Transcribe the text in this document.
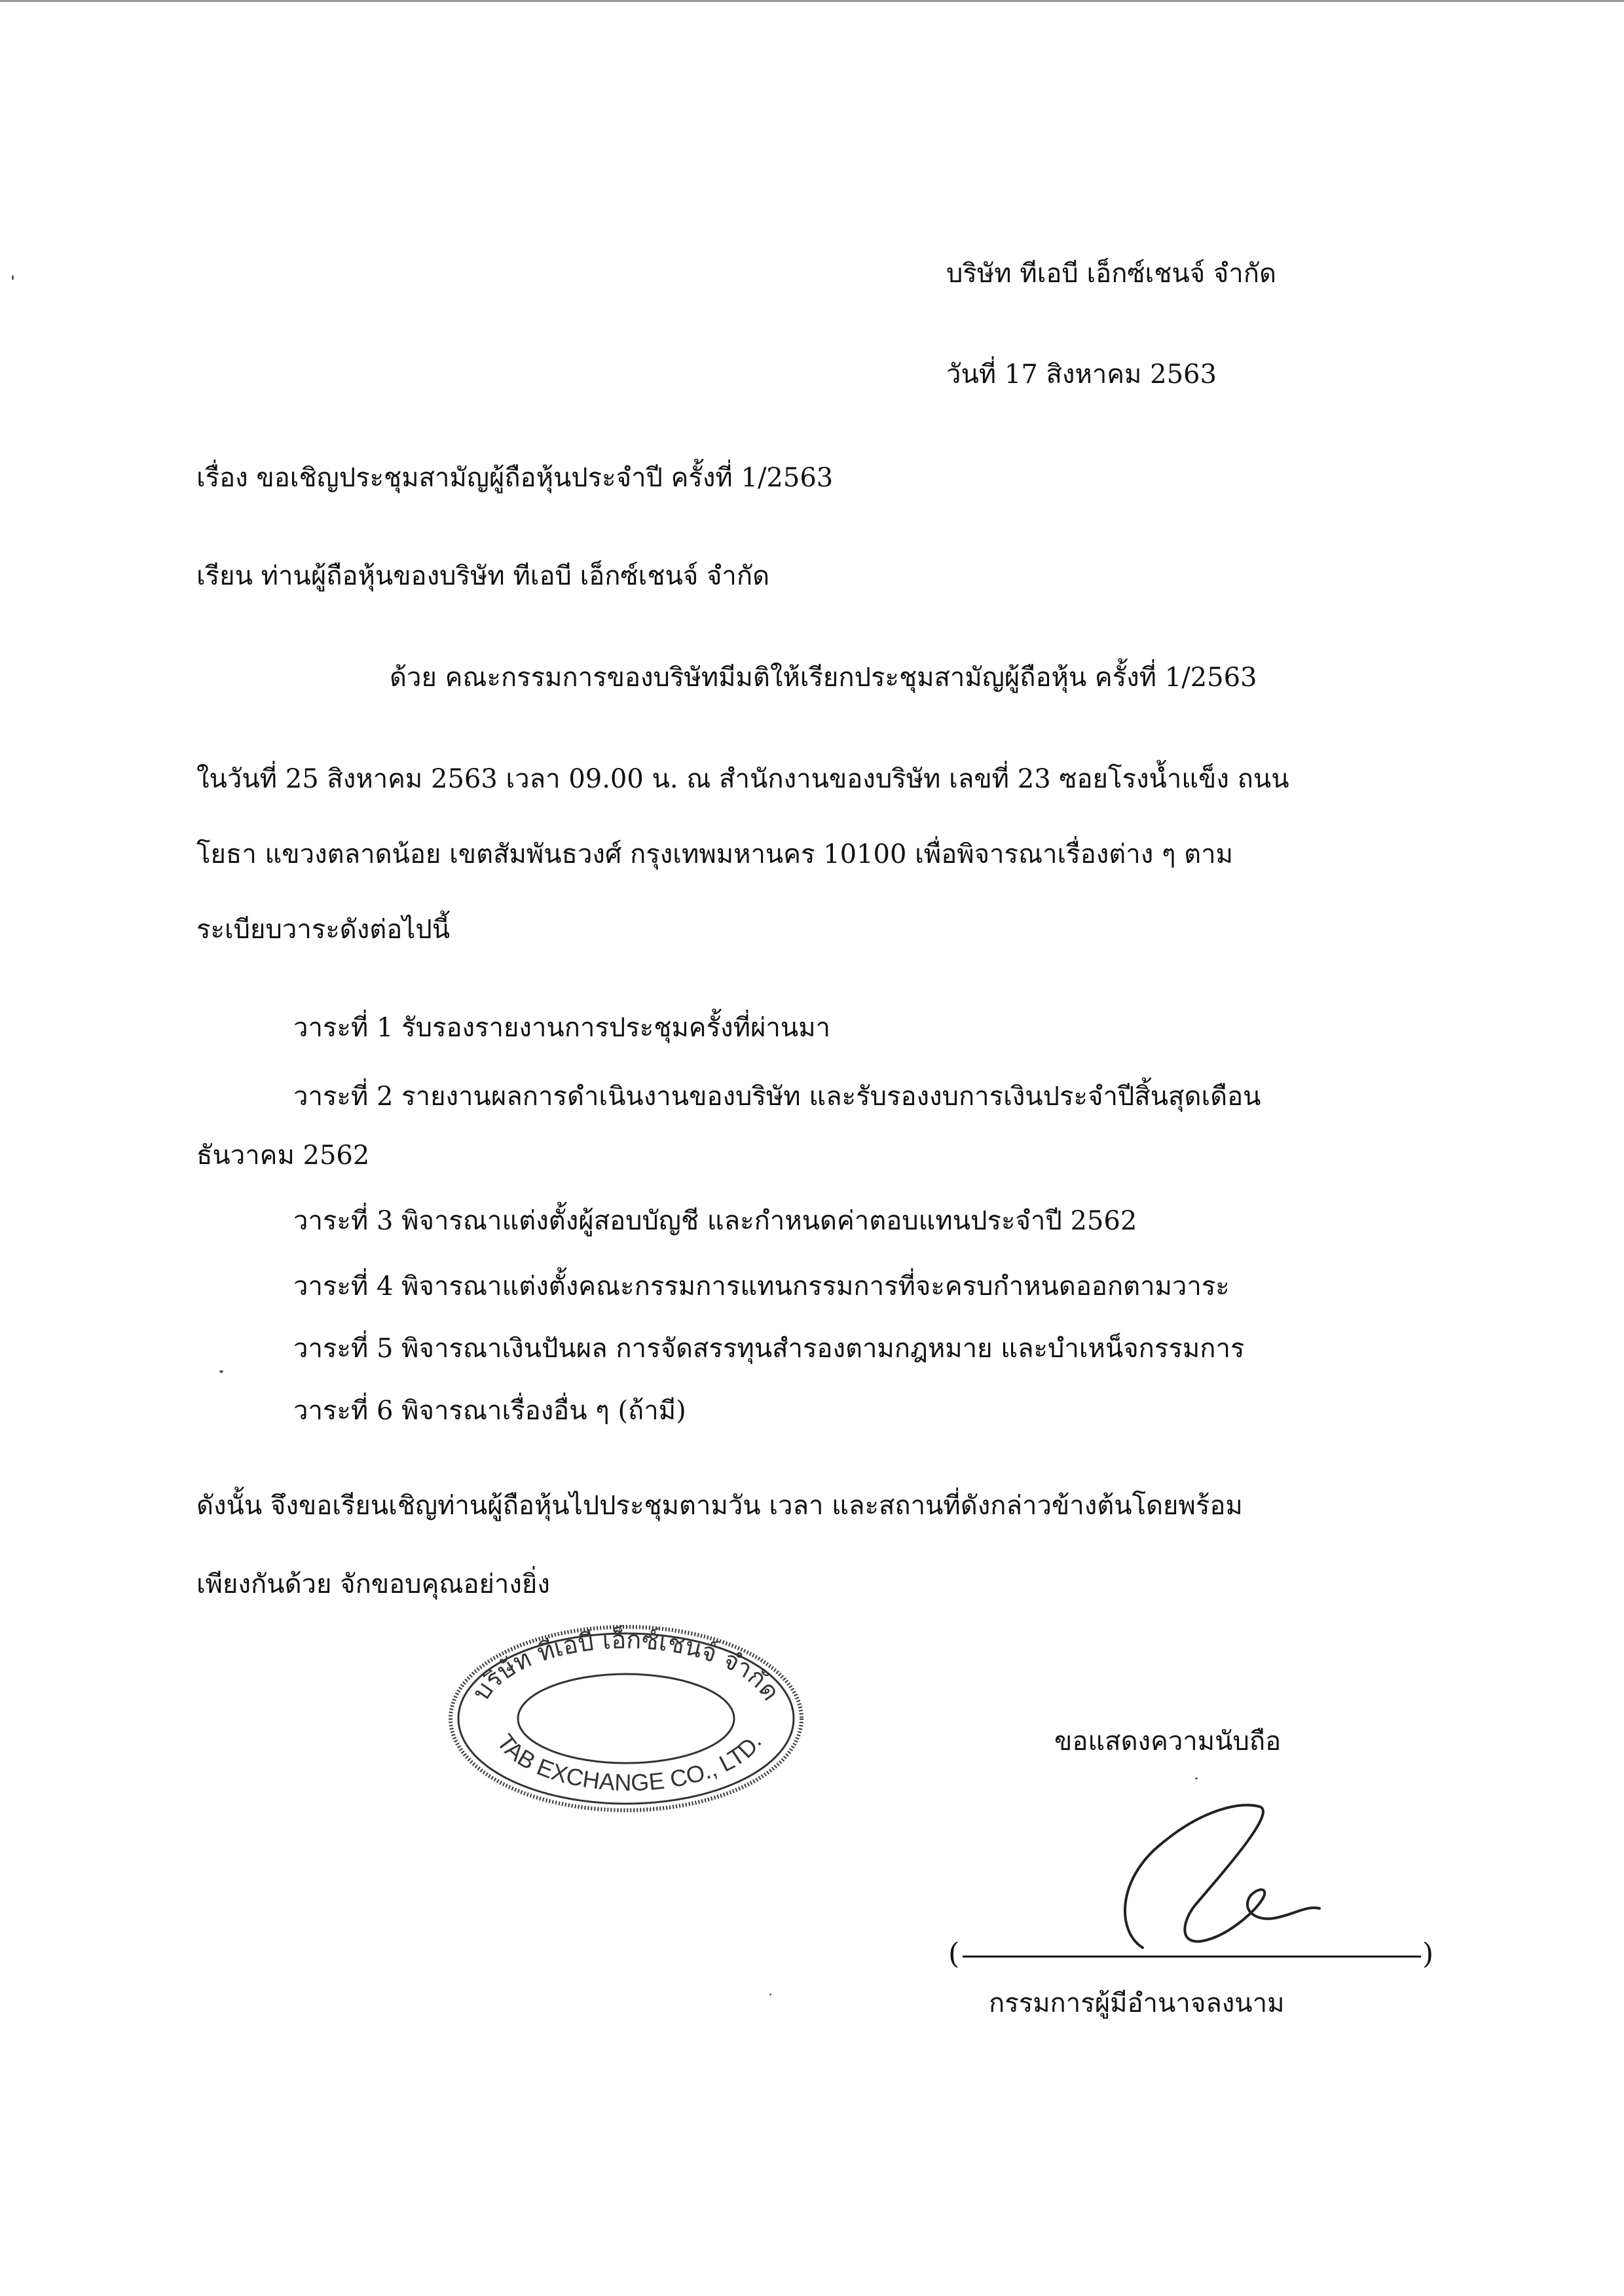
บริษัท ทีเอบี เอ็กซ์เชนจ์ จำกัด
วันที่ 17 สิงหาคม 2563
เรื่อง ขอเชิญประชุมสามัญผู้ถือหุ้นประจำปี ครั้งที่ 1/2563
เรียน ท่านผู้ถือหุ้นของบริษัท ทีเอบี เอ็กซ์เชนจ์ จำกัด
ด้วย คณะกรรมการของบริษัทมีมติให้เรียกประชุมสามัญผู้ถือหุ้น ครั้งที่ 1/2563
ในวันที่ 25 สิงหาคม 2563 เวลา 09.00 น. ณ สำนักงานของบริษัท เลขที่ 23 ซอยโรงน้ำแข็ง ถนน
โยธา แขวงตลาดน้อย เขตสัมพันธวงศ์ กรุงเทพมหานคร 10100 เพื่อพิจารณาเรื่องต่าง ๆ ตาม
ระเบียบวาระดังต่อไปนี้
วาระที่ 1 รับรองรายงานการประชุมครั้งที่ผ่านมา
วาระที่ 2 รายงานผลการดำเนินงานของบริษัท และรับรองงบการเงินประจำปีสิ้นสุดเดือน
ธันวาคม 2562
วาระที่ 3 พิจารณาแต่งตั้งผู้สอบบัญชี และกำหนดค่าตอบแทนประจำปี 2562
วาระที่ 4 พิจารณาแต่งตั้งคณะกรรมการแทนกรรมการที่จะครบกำหนดออกตามวาระ
วาระที่ 5 พิจารณาเงินปันผล การจัดสรรทุนสำรองตามกฎหมาย และบำเหน็จกรรมการ
วาระที่ 6 พิจารณาเรื่องอื่น ๆ (ถ้ามี)
ดังนั้น จึงขอเรียนเชิญท่านผู้ถือหุ้นไปประชุมตามวัน เวลา และสถานที่ดังกล่าวข้างต้นโดยพร้อม
เพียงกันด้วย จักขอบคุณอย่างยิ่ง
บริษัท ทีเอบี เอ็กซ์เชนจ์ จำกัด
TAB EXCHANGE CO., LTD.	ขอแสดงความนับถือ
(	)
กรรมการผู้มีอำนาจลงนาม
